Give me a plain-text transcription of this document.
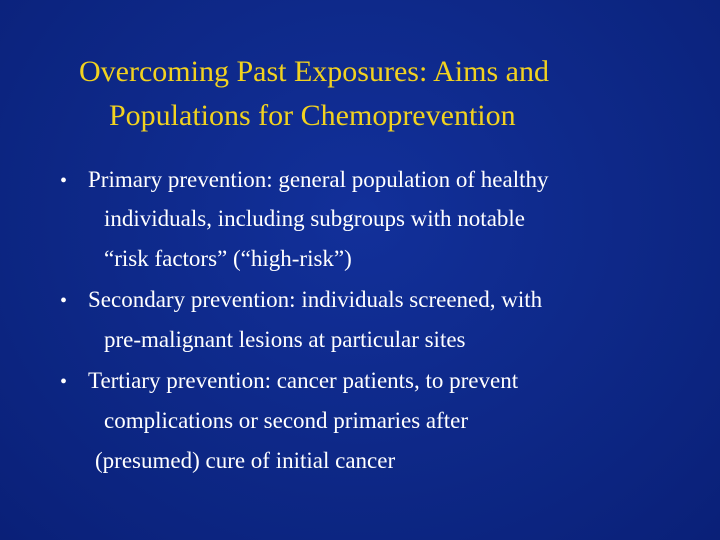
Overcoming Past Exposures: Aims and
Populations for Chemoprevention
• Primary prevention: general population of healthy
individuals, including subgroups with notable
“risk factors” (“high-risk”)
• Secondary prevention: individuals screened, with
pre-malignant lesions at particular sites
• Tertiary prevention: cancer patients, to prevent
complications or second primaries after
(presumed) cure of initial cancer
